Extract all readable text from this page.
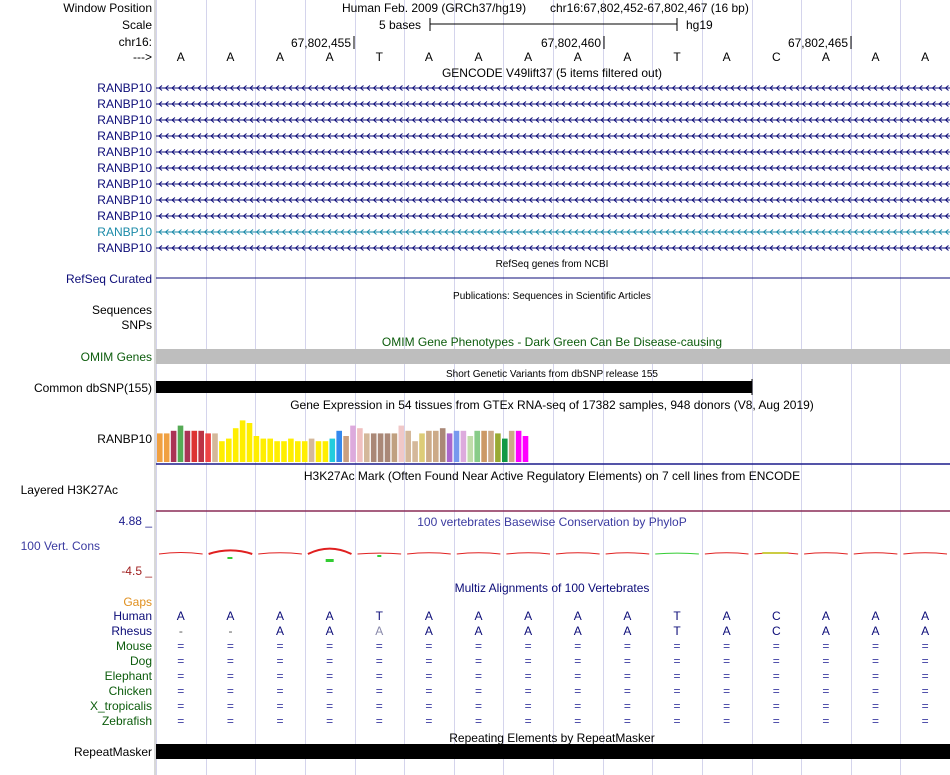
Window Position	Human Feb. 2009 (GRCh37/hg19) chr16:67,802,452-67,802,467 (16 bp)
Scale	5 bases	hg19
chr16:	67,802,455	67,802,460	67,802,465
---> A	A	A	A	T	A	A	A	A	A	T	A	C	A	A	A
GENCODE V49lift37 (5 items filtered out)
RANBP10
RANBP10
RANBP10
RANBP10
RANBP10
RANBP10
RANBP10
RANBP10
RANBP10
RANBP10
RANBP10
RefSeq genes from NCBI
RefSeq Curated
Publications: Sequences in Scientific Articles
Sequences
SNPs
OMIM Gene Phenotypes - Dark Green Can Be Disease-causing
OMIM Genes
Short Genetic Variants from dbSNP release 155
Common dbSNP(155)
Gene Expression in 54 tissues from GTEx RNA-seq of 17382 samples, 948 donors (V8, Aug 2019)
RANBP10
H3K27Ac Mark (Often Found Near Active Regulatory Elements) on 7 cell lines from ENCODE
Layered H3K27Ac
100 vertebrates Basewise Conservation by PhyloP
4.88 _
100 Vert. Cons
-4.5 _
Multiz Alignments of 100 Vertebrates
Gaps
Human A	A	A	A	T	A	A	A	A	A	T	A	C	A	A	A
Rhesus -	-	A	A	A	A	A	A	A	A	T	A	C	A	A	A
Mouse =	=	=	=	=	=	=	=	=	=	=	=	=	=	=	=
Dog =	=	=	=	=	=	=	=	=	=	=	=	=	=	=	=
Elephant =	=	=	=	=	=	=	=	=	=	=	=	=	=	=	=
Chicken =	=	=	=	=	=	=	=	=	=	=	=	=	=	=	=
X_tropicalis =	=	=	=	=	=	=	=	=	=	=	=	=	=	=	=
Zebrafish =	=	=	=	=	=	=	=	=	=	=	=	=	=	=	=
RepeatMasker
Repeating Elements by RepeatMasker
